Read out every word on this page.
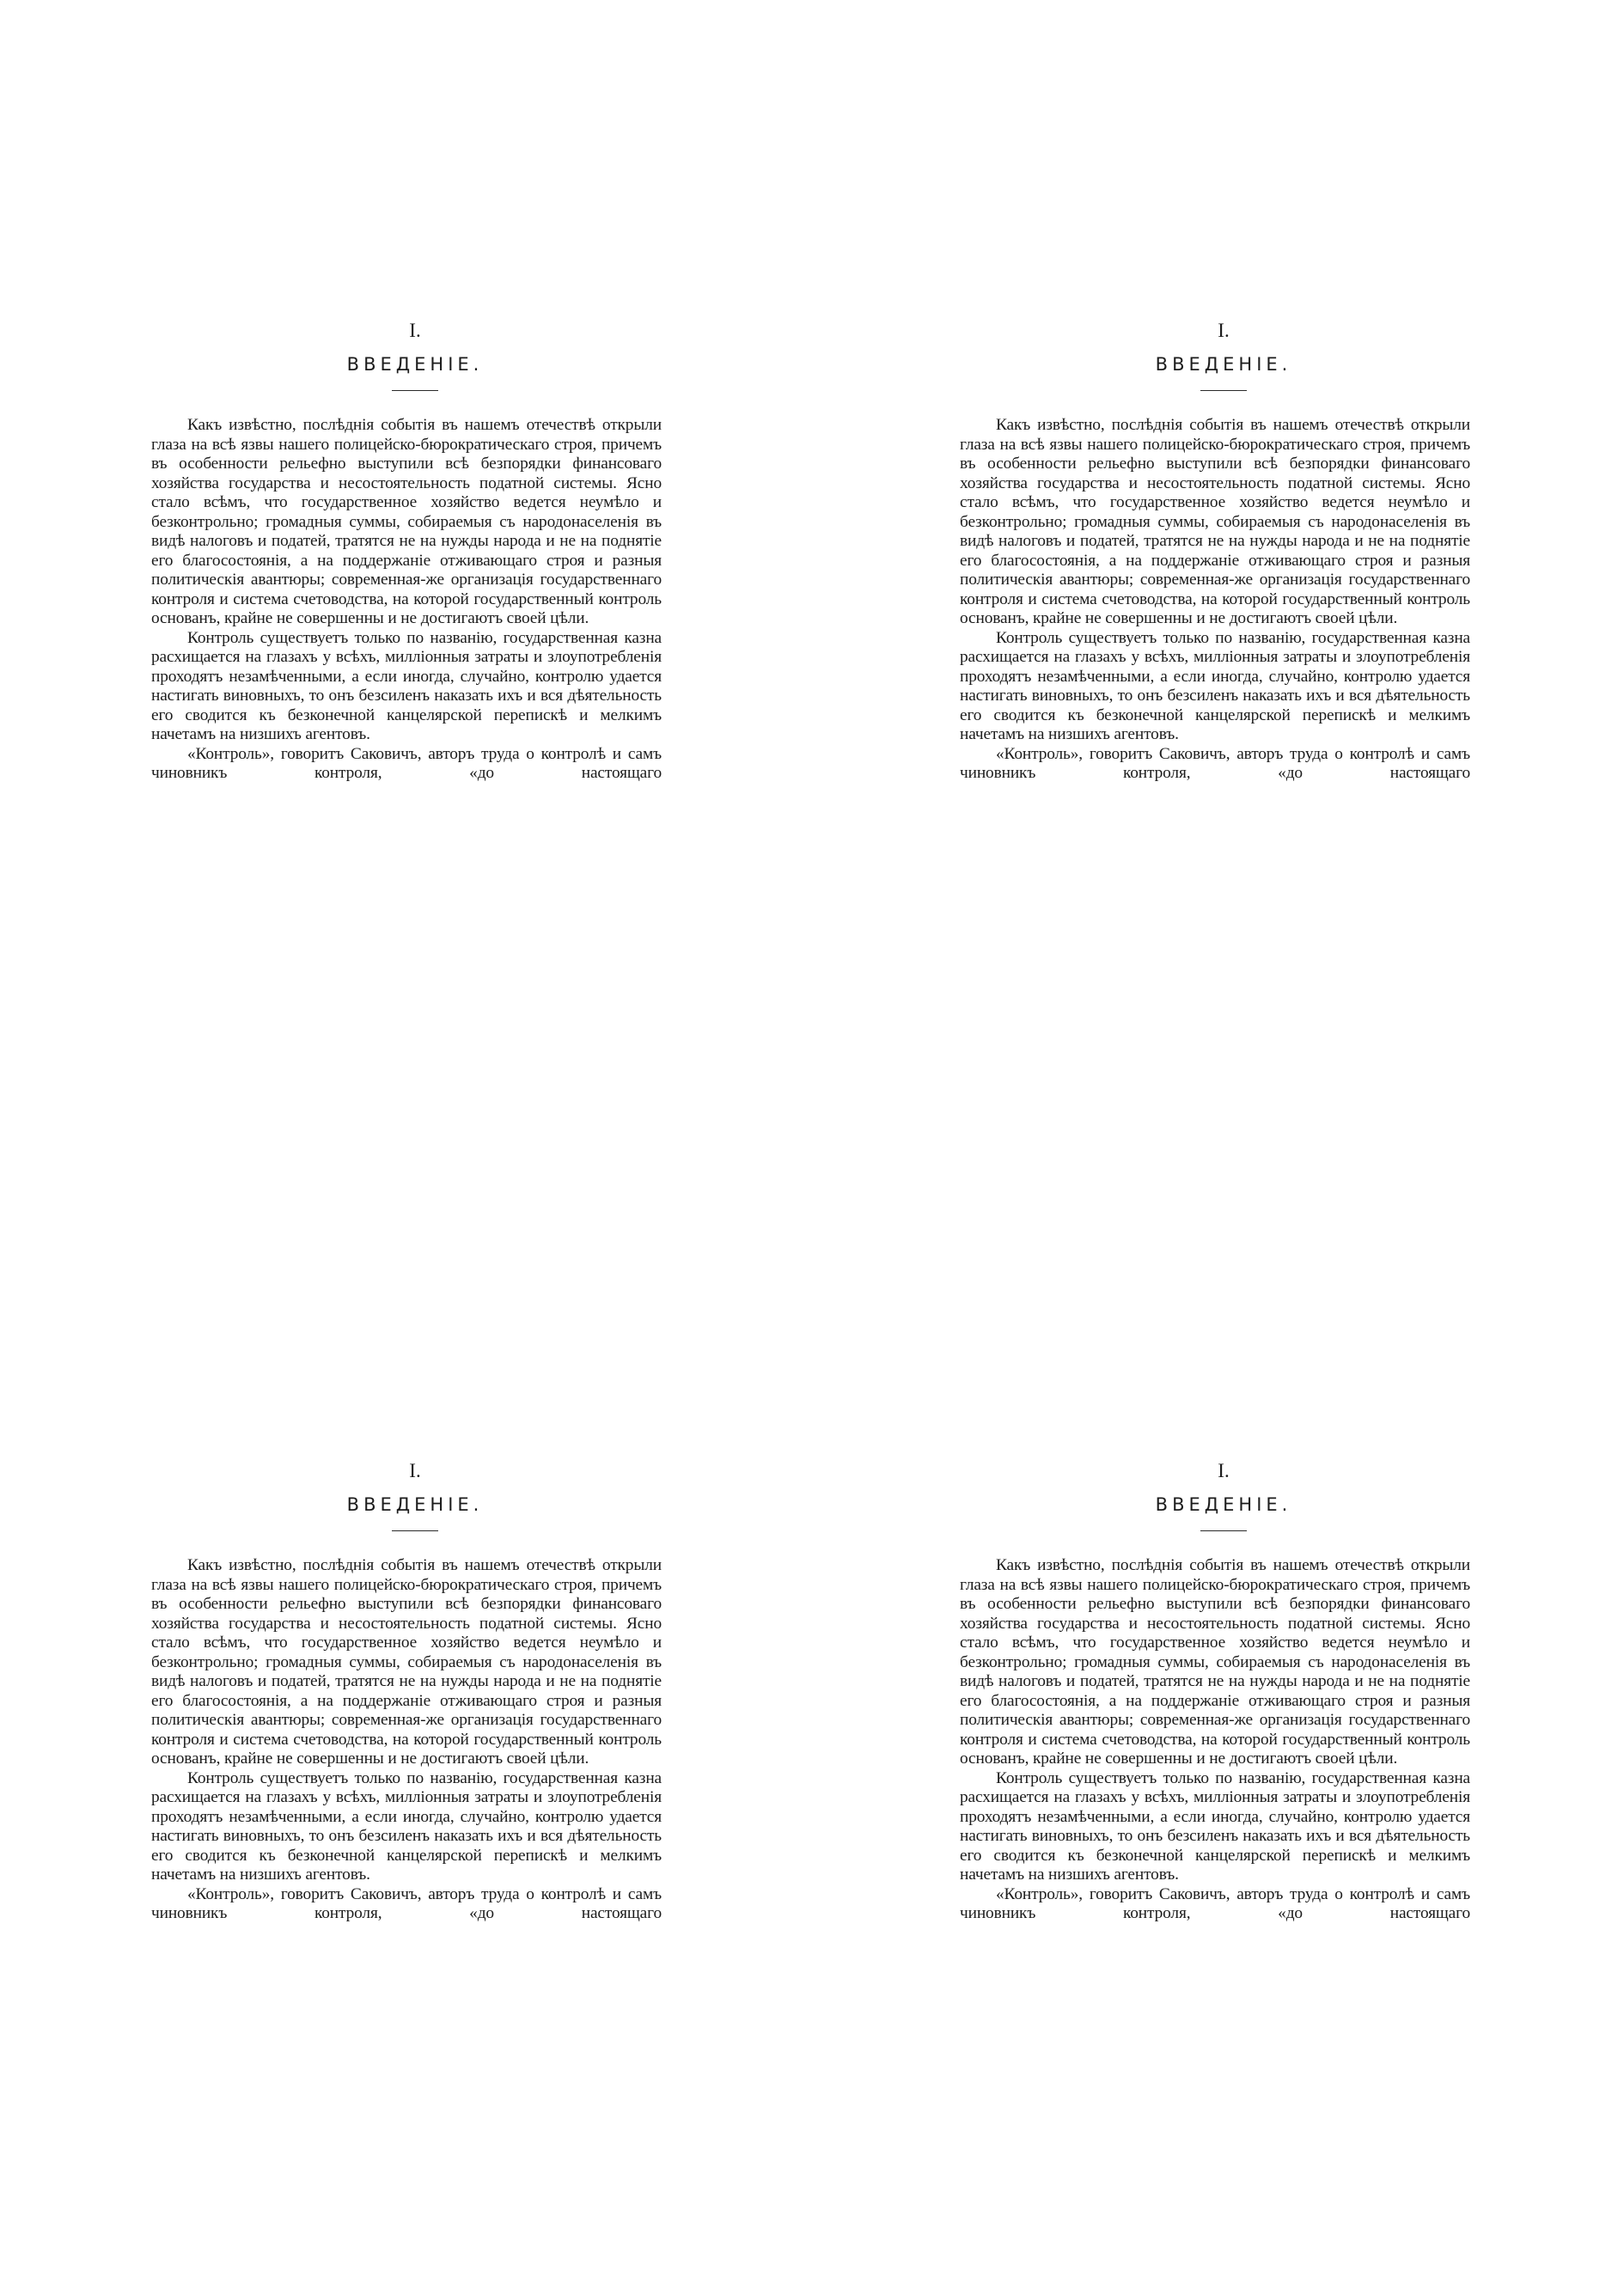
I.

ВВЕДЕНІЕ.

Какъ извѣстно, послѣднія событія въ нашемъ отечествѣ открыли глаза на всѣ язвы нашего полицейско-бюрократическаго строя, причемъ въ особенности рельефно выступили всѣ безпорядки финансоваго хозяйства государства и несостоятельность податной системы. Ясно стало всѣмъ, что государственное хозяйство ведется неумѣло и безконтрольно; громадныя суммы, собираемыя съ народонаселенія въ видѣ налоговъ и податей, тратятся не на нужды народа и не на поднятіе его благосостоянія, а на поддержаніе отживающаго строя и разныя политическія авантюры; современная-же организація государственнаго контроля и система счетоводства, на которой государственный контроль основанъ, крайне не совершенны и не достигаютъ своей цѣли.

Контроль существуетъ только по названію, государственная казна расхищается на глазахъ у всѣхъ, милліонныя затраты и злоупотребленія проходятъ незамѣченными, а если иногда, случайно, контролю удается настигать виновныхъ, то онъ безсиленъ наказать ихъ и вся дѣятельность его сводится къ безконечной канцелярской перепискѣ и мелкимъ начетамъ на низшихъ агентовъ.

«Контроль», говоритъ Саковичъ, авторъ труда о контролѣ и самъ чиновникъ контроля, «до настоящаго

I.

ВВЕДЕНІЕ.

Какъ извѣстно, послѣднія событія въ нашемъ отечествѣ открыли глаза на всѣ язвы нашего полицейско-бюрократическаго строя, причемъ въ особенности рельефно выступили всѣ безпорядки финансоваго хозяйства государства и несостоятельность податной системы. Ясно стало всѣмъ, что государственное хозяйство ведется неумѣло и безконтрольно; громадныя суммы, собираемыя съ народонаселенія въ видѣ налоговъ и податей, тратятся не на нужды народа и не на поднятіе его благосостоянія, а на поддержаніе отживающаго строя и разныя политическія авантюры; современная-же организація государственнаго контроля и система счетоводства, на которой государственный контроль основанъ, крайне не совершенны и не достигаютъ своей цѣли.

Контроль существуетъ только по названію, государственная казна расхищается на глазахъ у всѣхъ, милліонныя затраты и злоупотребленія проходятъ незамѣченными, а если иногда, случайно, контролю удается настигать виновныхъ, то онъ безсиленъ наказать ихъ и вся дѣятельность его сводится къ безконечной канцелярской перепискѣ и мелкимъ начетамъ на низшихъ агентовъ.

«Контроль», говоритъ Саковичъ, авторъ труда о контролѣ и самъ чиновникъ контроля, «до настоящаго

I.

ВВЕДЕНІЕ.

Какъ извѣстно, послѣднія событія въ нашемъ отечествѣ открыли глаза на всѣ язвы нашего полицейско-бюрократическаго строя, причемъ въ особенности рельефно выступили всѣ безпорядки финансоваго хозяйства государства и несостоятельность податной системы. Ясно стало всѣмъ, что государственное хозяйство ведется неумѣло и безконтрольно; громадныя суммы, собираемыя съ народонаселенія въ видѣ налоговъ и податей, тратятся не на нужды народа и не на поднятіе его благосостоянія, а на поддержаніе отживающаго строя и разныя политическія авантюры; современная-же организація государственнаго контроля и система счетоводства, на которой государственный контроль основанъ, крайне не совершенны и не достигаютъ своей цѣли.

Контроль существуетъ только по названію, государственная казна расхищается на глазахъ у всѣхъ, милліонныя затраты и злоупотребленія проходятъ незамѣченными, а если иногда, случайно, контролю удается настигать виновныхъ, то онъ безсиленъ наказать ихъ и вся дѣятельность его сводится къ безконечной канцелярской перепискѣ и мелкимъ начетамъ на низшихъ агентовъ.

«Контроль», говоритъ Саковичъ, авторъ труда о контролѣ и самъ чиновникъ контроля, «до настоящаго

I.

ВВЕДЕНІЕ.

Какъ извѣстно, послѣднія событія въ нашемъ отечествѣ открыли глаза на всѣ язвы нашего полицейско-бюрократическаго строя, причемъ въ особенности рельефно выступили всѣ безпорядки финансоваго хозяйства государства и несостоятельность податной системы. Ясно стало всѣмъ, что государственное хозяйство ведется неумѣло и безконтрольно; громадныя суммы, собираемыя съ народонаселенія въ видѣ налоговъ и податей, тратятся не на нужды народа и не на поднятіе его благосостоянія, а на поддержаніе отживающаго строя и разныя политическія авантюры; современная-же организація государственнаго контроля и система счетоводства, на которой государственный контроль основанъ, крайне не совершенны и не достигаютъ своей цѣли.

Контроль существуетъ только по названію, государственная казна расхищается на глазахъ у всѣхъ, милліонныя затраты и злоупотребленія проходятъ незамѣченными, а если иногда, случайно, контролю удается настигать виновныхъ, то онъ безсиленъ наказать ихъ и вся дѣятельность его сводится къ безконечной канцелярской перепискѣ и мелкимъ начетамъ на низшихъ агентовъ.

«Контроль», говоритъ Саковичъ, авторъ труда о контролѣ и самъ чиновникъ контроля, «до настоящаго
